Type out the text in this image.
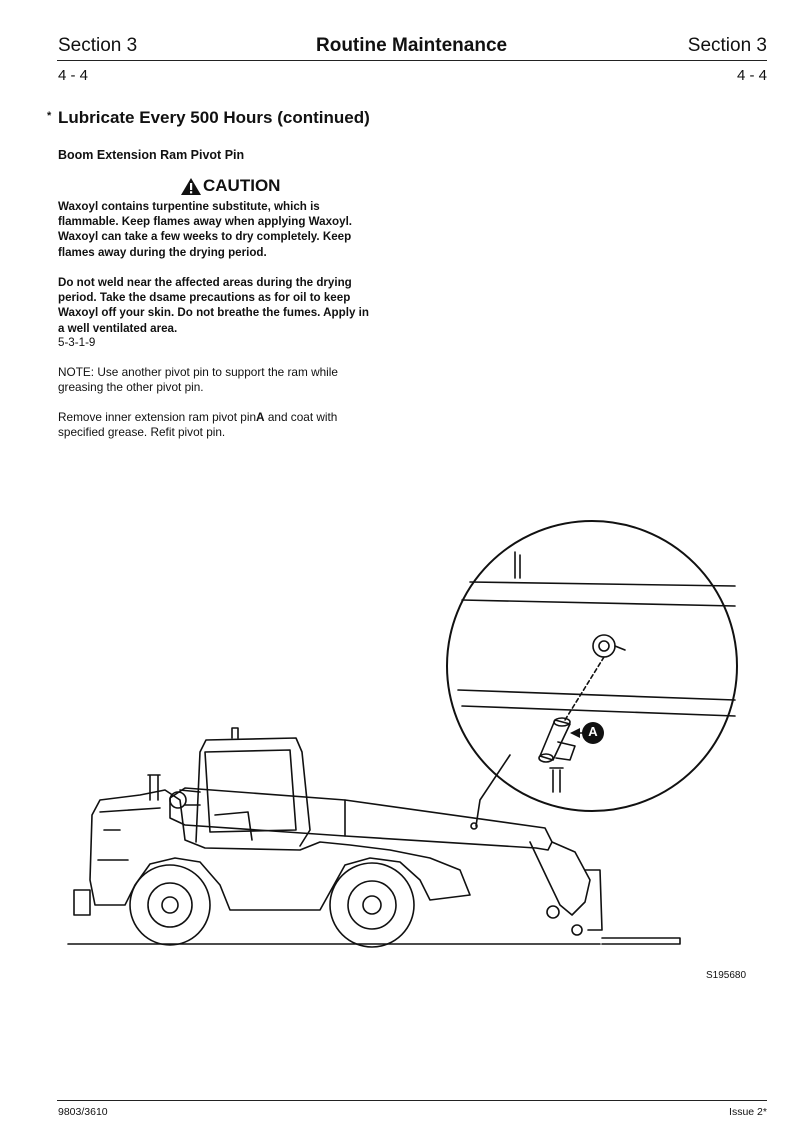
Section 3	Routine Maintenance	Section 3
4 - 4	4 - 4
* Lubricate Every 500 Hours (continued)
Boom Extension Ram Pivot Pin
CAUTION

Waxoyl contains turpentine substitute, which is

flammable. Keep flames away when applying Waxoyl.

Waxoyl can take a few weeks to dry completely. Keep

flames away during the drying period.

Do not weld near the affected areas during the drying

period. Take the dsame precautions as for oil to keep

Waxoyl off your skin. Do not breathe the fumes. Apply in

a well ventilated area.

5-3-1-9

NOTE: Use another pivot pin to support the ram while

greasing the other pivot pin.

Remove inner extension ram pivot pinA and coat with

specified grease. Refit pivot pin.

A
S195680
9803/3610	Issue 2*
